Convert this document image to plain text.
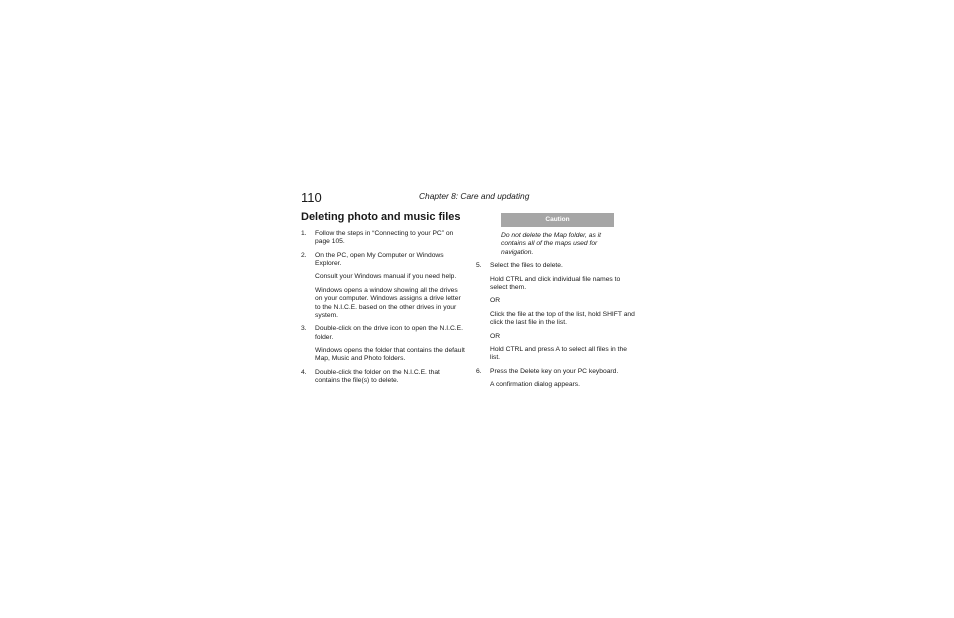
110	Chapter 8: Care and updating
Deleting photo and music files
1. Follow the steps in “Connecting to your PC” on page 105.

2. On the PC, open My Computer or Windows Explorer.

Consult your Windows manual if you need help.

Windows opens a window showing all the drives on your computer. Windows assigns a drive letter to the N.I.C.E. based on the other drives in your system.

3. Double-click on the drive icon to open the N.I.C.E. folder.

Windows opens the folder that contains the default Map, Music and Photo folders.

4. Double-click the folder on the N.I.C.E. that contains the file(s) to delete.

Caution

Do not delete the Map folder, as it contains all of the maps used for navigation.

5. Select the files to delete.

Hold CTRL and click individual file names to select them.

OR

Click the file at the top of the list, hold SHIFT and click the last file in the list.

OR

Hold CTRL and press A to select all files in the list.

6. Press the Delete key on your PC keyboard.

A confirmation dialog appears.
